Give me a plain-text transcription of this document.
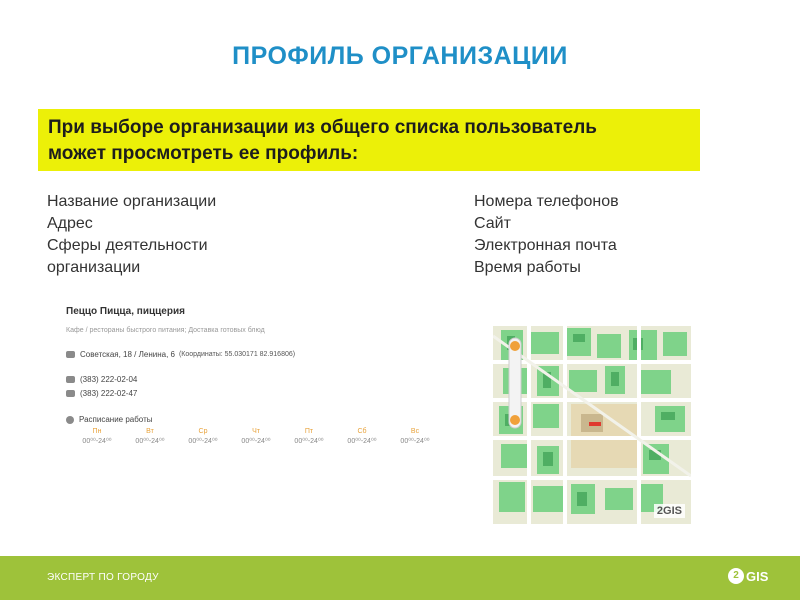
ПРОФИЛЬ ОРГАНИЗАЦИИ
При выборе организации из общего списка пользователь
может просмотреть ее профиль:
Название организации
Адрес
Сферы деятельности
организации
Номера телефонов
Сайт
Электронная почта
Время работы
Пеццо Пицца, пиццерия
Кафе / рестораны быстрого питания; Доставка готовых блюд
Советская, 18 / Ленина, 6 (Координаты: 55.030171 82.916806)
(383) 222-02-04
(383) 222-02-47
Расписание работы
Пн
00⁰⁰-24⁰⁰
Вт
00⁰⁰-24⁰⁰
Ср
00⁰⁰-24⁰⁰
Чт
00⁰⁰-24⁰⁰
Пт
00⁰⁰-24⁰⁰
Сб
00⁰⁰-24⁰⁰
Вс
00⁰⁰-24⁰⁰
2GIS
ЭКСПЕРТ ПО ГОРОДУ	2 GIS
